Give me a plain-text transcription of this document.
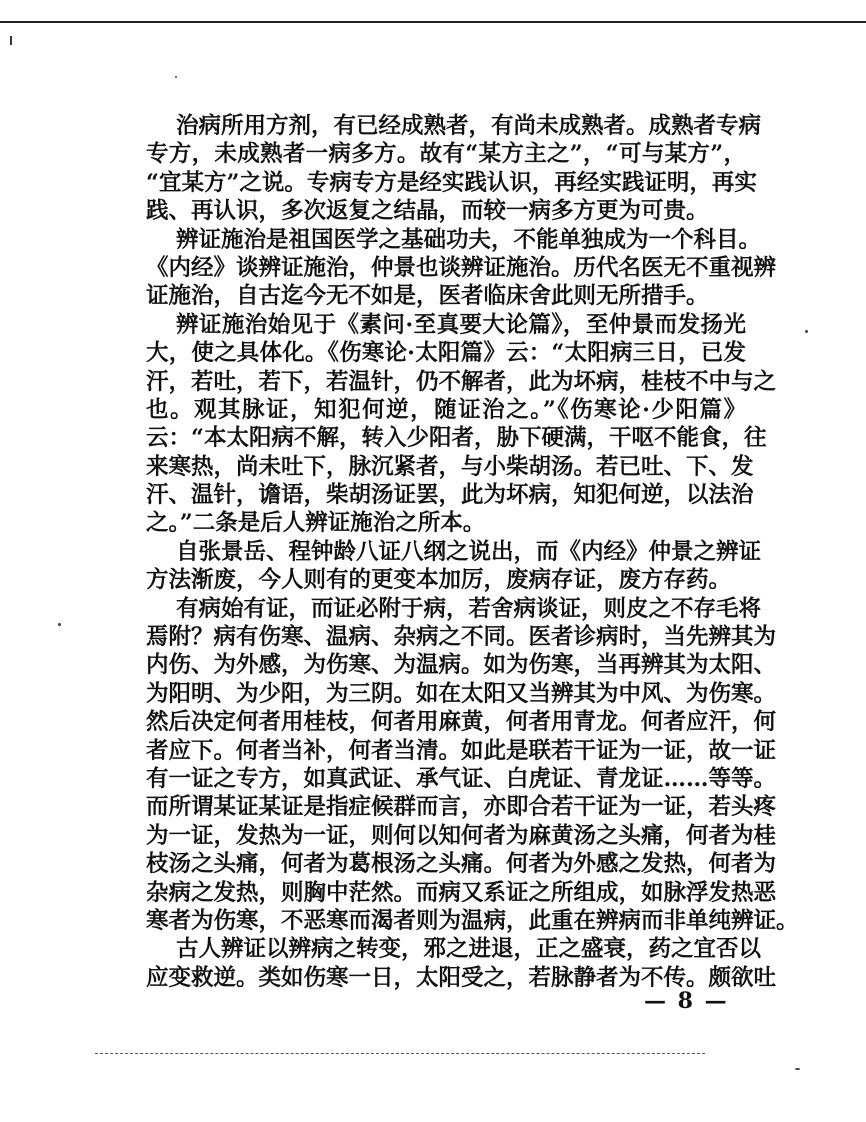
治病所用方剂，有已经成熟者，有尚未成熟者。成熟者专病
专方，未成熟者一病多方。故有“某方主之”，“可与某方”，
“宜某方”之说。专病专方是经实践认识，再经实践证明，再实
践、再认识，多次返复之结晶，而较一病多方更为可贵。
辨证施治是祖国医学之基础功夫，不能单独成为一个科目。
《内经》谈辨证施治，仲景也谈辨证施治。历代名医无不重视辨
证施治，自古迄今无不如是，医者临床舍此则无所措手。
辨证施治始见于《素问·至真要大论篇》，至仲景而发扬光
大，使之具体化。《伤寒论·太阳篇》云：“太阳病三日，已发
汗，若吐，若下，若温针，仍不解者，此为坏病，桂枝不中与之
也。观其脉证，知犯何逆，随证治之。”《伤寒论·少阳篇》
云：“本太阳病不解，转入少阳者，胁下硬满，干呕不能食，往
来寒热，尚未吐下，脉沉紧者，与小柴胡汤。若已吐、下、发
汗、温针，谵语，柴胡汤证罢，此为坏病，知犯何逆，以法治
之。”二条是后人辨证施治之所本。
自张景岳、程钟龄八证八纲之说出，而《内经》仲景之辨证
方法渐废，今人则有的更变本加厉，废病存证，废方存药。
有病始有证，而证必附于病，若舍病谈证，则皮之不存毛将
焉附？病有伤寒、温病、杂病之不同。医者诊病时，当先辨其为
内伤、为外感，为伤寒、为温病。如为伤寒，当再辨其为太阳、
为阳明、为少阳，为三阴。如在太阳又当辨其为中风、为伤寒。
然后决定何者用桂枝，何者用麻黄，何者用青龙。何者应汗，何
者应下。何者当补，何者当清。如此是联若干证为一证，故一证
有一证之专方，如真武证、承气证、白虎证、青龙证……等等。
而所谓某证某证是指症候群而言，亦即合若干证为一证，若头疼
为一证，发热为一证，则何以知何者为麻黄汤之头痛，何者为桂
枝汤之头痛，何者为葛根汤之头痛。何者为外感之发热，何者为
杂病之发热，则胸中茫然。而病又系证之所组成，如脉浮发热恶
寒者为伤寒，不恶寒而渴者则为温病，此重在辨病而非单纯辨证。
古人辨证以辨病之转变，邪之进退，正之盛衰，药之宜否以
应变救逆。类如伤寒一日，太阳受之，若脉静者为不传。颇欲吐
— 8 —
